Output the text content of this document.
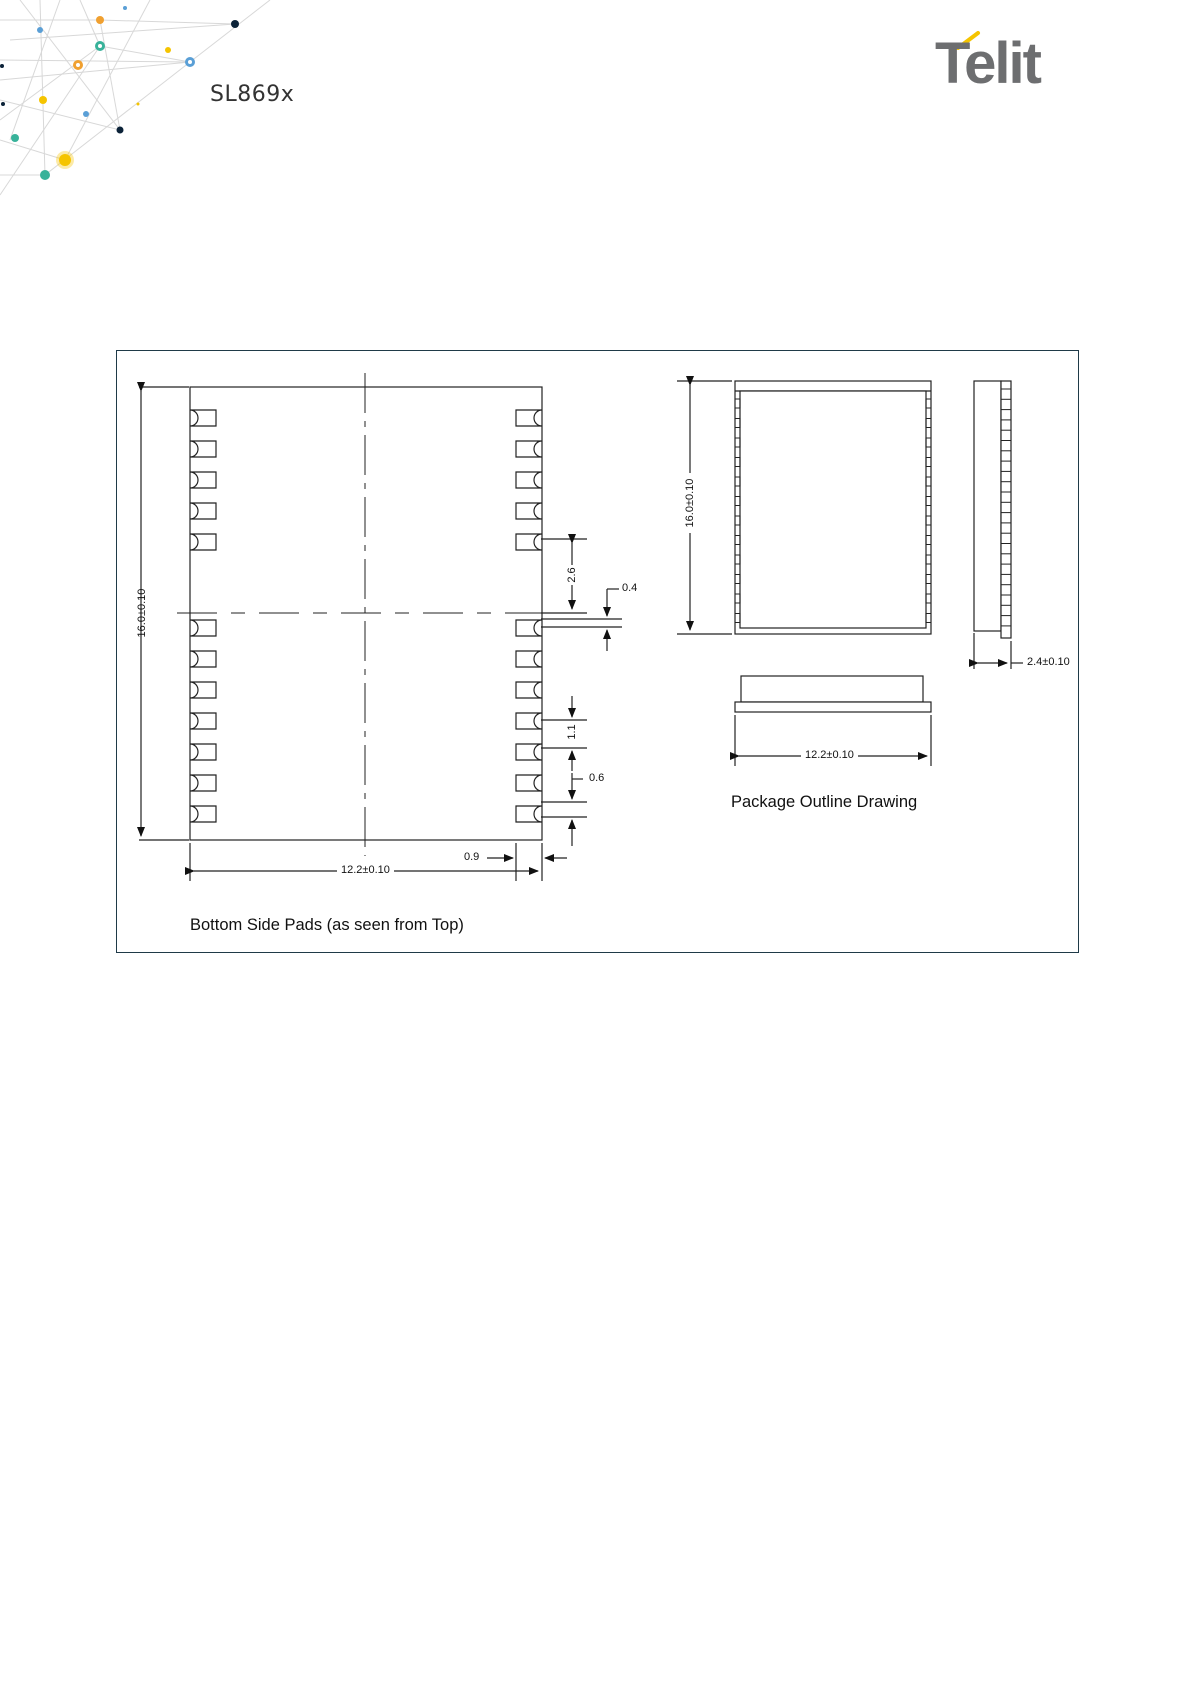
SL869x	Telit
16.0±0.10
12.2±0.10
0.9
2.6
0.4
1.1
0.6
16.0±0.10
2.4±0.10
12.2±0.10
Package Outline Drawing
Bottom Side Pads (as seen from Top)
